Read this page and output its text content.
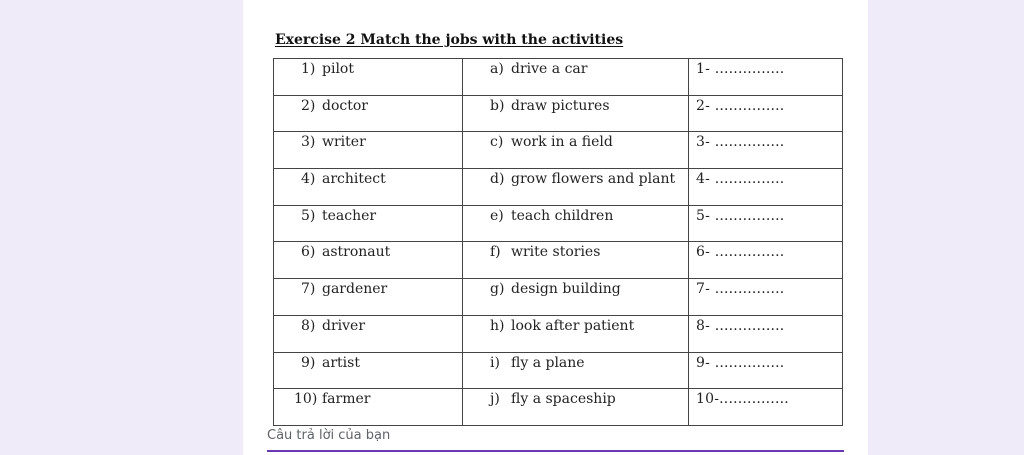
Exercise 2 Match the jobs with the activities
1) pilot	a) drive a car	1- ...............
2) doctor	b) draw pictures	2- ...............
3) writer	c) work in a field	3- ...............
4) architect	d) grow flowers and plant	4- ...............
5) teacher	e) teach children	5- ...............
6) astronaut	f) write stories	6- ...............
7) gardener	g) design building	7- ...............
8) driver	h) look after patient	8- ...............
9) artist	i) fly a plane	9- ...............
10) farmer	j) fly a spaceship	10-...............
Câu trả lời của bạn
